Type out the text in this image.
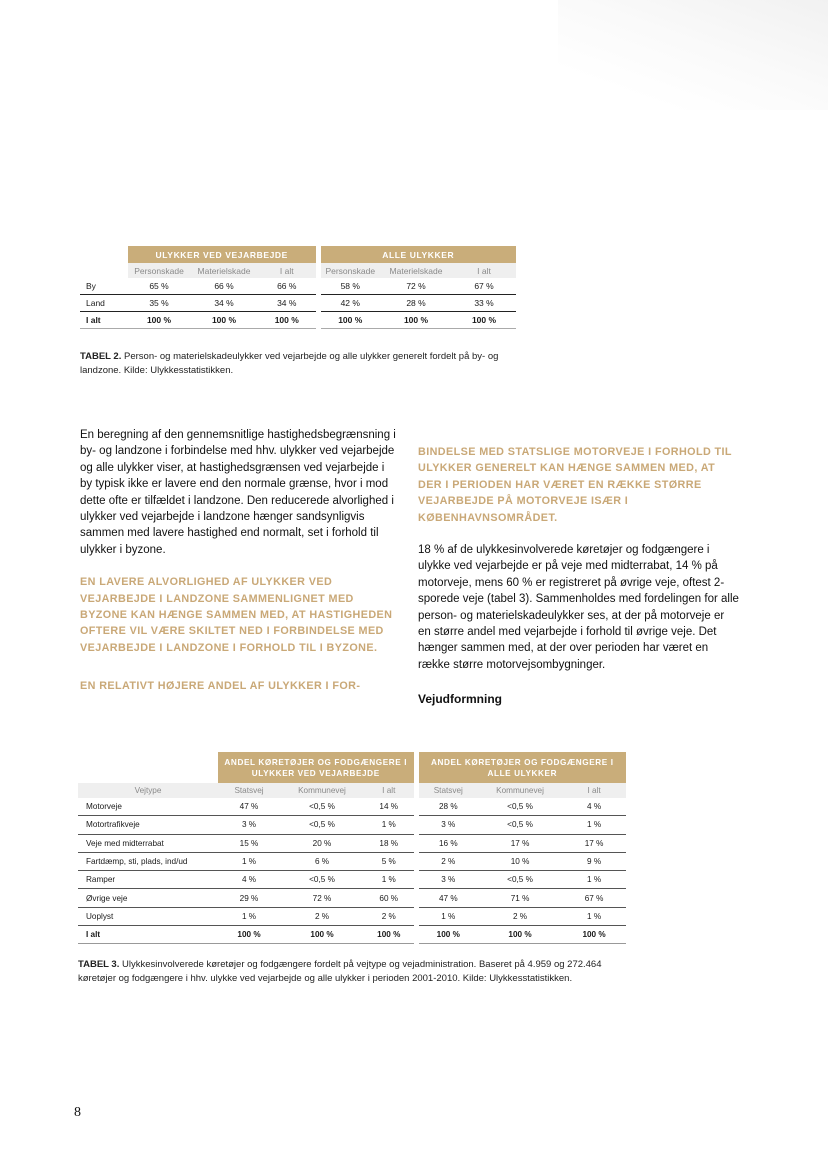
	ULYKKER VED VEJARBEJDE			ALLE ULYKKER		
	Personskade	Materielskade	I alt	Personskade	Materielskade	I alt
By	65 %	66 %	66 %	58 %	72 %	67 %
Land	35 %	34 %	34 %	42 %	28 %	33 %
I alt	100 %	100 %	100 %	100 %	100 %	100 %
TABEL 2. Person- og materielskadeulykker ved vejarbejde og alle ulykker generelt fordelt på by- og landzone. Kilde: Ulykkesstatistikken.

En beregning af den gennemsnitlige hastighedsbegrænsning i by- og landzone i forbindelse med hhv. ulykker ved vejarbejde og alle ulykker viser, at hastighedsgrænsen ved vejarbejde i by typisk ikke er lavere end den normale grænse, hvor i mod dette ofte er tilfældet i landzone. Den reducerede alvorlighed i ulykker ved vejarbejde i landzone hænger sandsynligvis sammen med lavere hastighed end normalt, set i forhold til ulykker i byzone.

EN LAVERE ALVORLIGHED AF ULYKKER VED VEJARBEJDE I LANDZONE SAMMENLIGNET MED BYZONE KAN HÆNGE SAMMEN MED, AT HASTIGHEDEN OFTERE VIL VÆRE SKILTET NED I FORBINDELSE MED VEJARBEJDE I LANDZONE I FORHOLD TIL I BYZONE.

EN RELATIVT HØJERE ANDEL AF ULYKKER I FOR-

BINDELSE MED STATSLIGE MOTORVEJE I FORHOLD TIL ULYKKER GENERELT KAN HÆNGE SAMMEN MED, AT DER I PERIODEN HAR VÆRET EN RÆKKE STØRRE VEJARBEJDE PÅ MOTORVEJE ISÆR I KØBENHAVNSOMRÅDET.

18 % af de ulykkesinvolverede køretøjer og fodgængere i ulykke ved vejarbejde er på veje med midterrabat, 14 % på motorveje, mens 60 % er registreret på øvrige veje, oftest 2-sporede veje (tabel 3). Sammenholdes med fordelingen for alle person- og materielskadeulykker ses, at der på motorveje er en større andel med vejarbejde i forhold til øvrige veje. Det hænger sammen med, at der over perioden har været en række større motorvejsombygninger.

Vejudformning

	ANDEL KØRETØJER OG FODGÆNGERE I ULYKKER VED VEJARBEJDE			ANDEL KØRETØJER OG FODGÆNGERE I ALLE ULYKKER		
Vejtype	Statsvej	Kommunevej	I alt	Statsvej	Kommunevej	I alt
Motorveje	47 %	<0,5 %	14 %	28 %	<0,5 %	4 %
Motortrafikveje	3 %	<0,5 %	1 %	3 %	<0,5 %	1 %
Veje med midterrabat	15 %	20 %	18 %	16 %	17 %	17 %
Fartdæmp, sti, plads, ind/ud	1 %	6 %	5 %	2 %	10 %	9 %
Ramper	4 %	<0,5 %	1 %	3 %	<0,5 %	1 %
Øvrige veje	29 %	72 %	60 %	47 %	71 %	67 %
Uoplyst	1 %	2 %	2 %	1 %	2 %	1 %
I alt	100 %	100 %	100 %	100 %	100 %	100 %
TABEL 3. Ulykkesinvolverede køretøjer og fodgængere fordelt på vejtype og vejadministration. Baseret på 4.959 og 272.464 køretøjer og fodgængere i hhv. ulykke ved vejarbejde og alle ulykker i perioden 2001-2010. Kilde: Ulykkesstatistikken.
8
